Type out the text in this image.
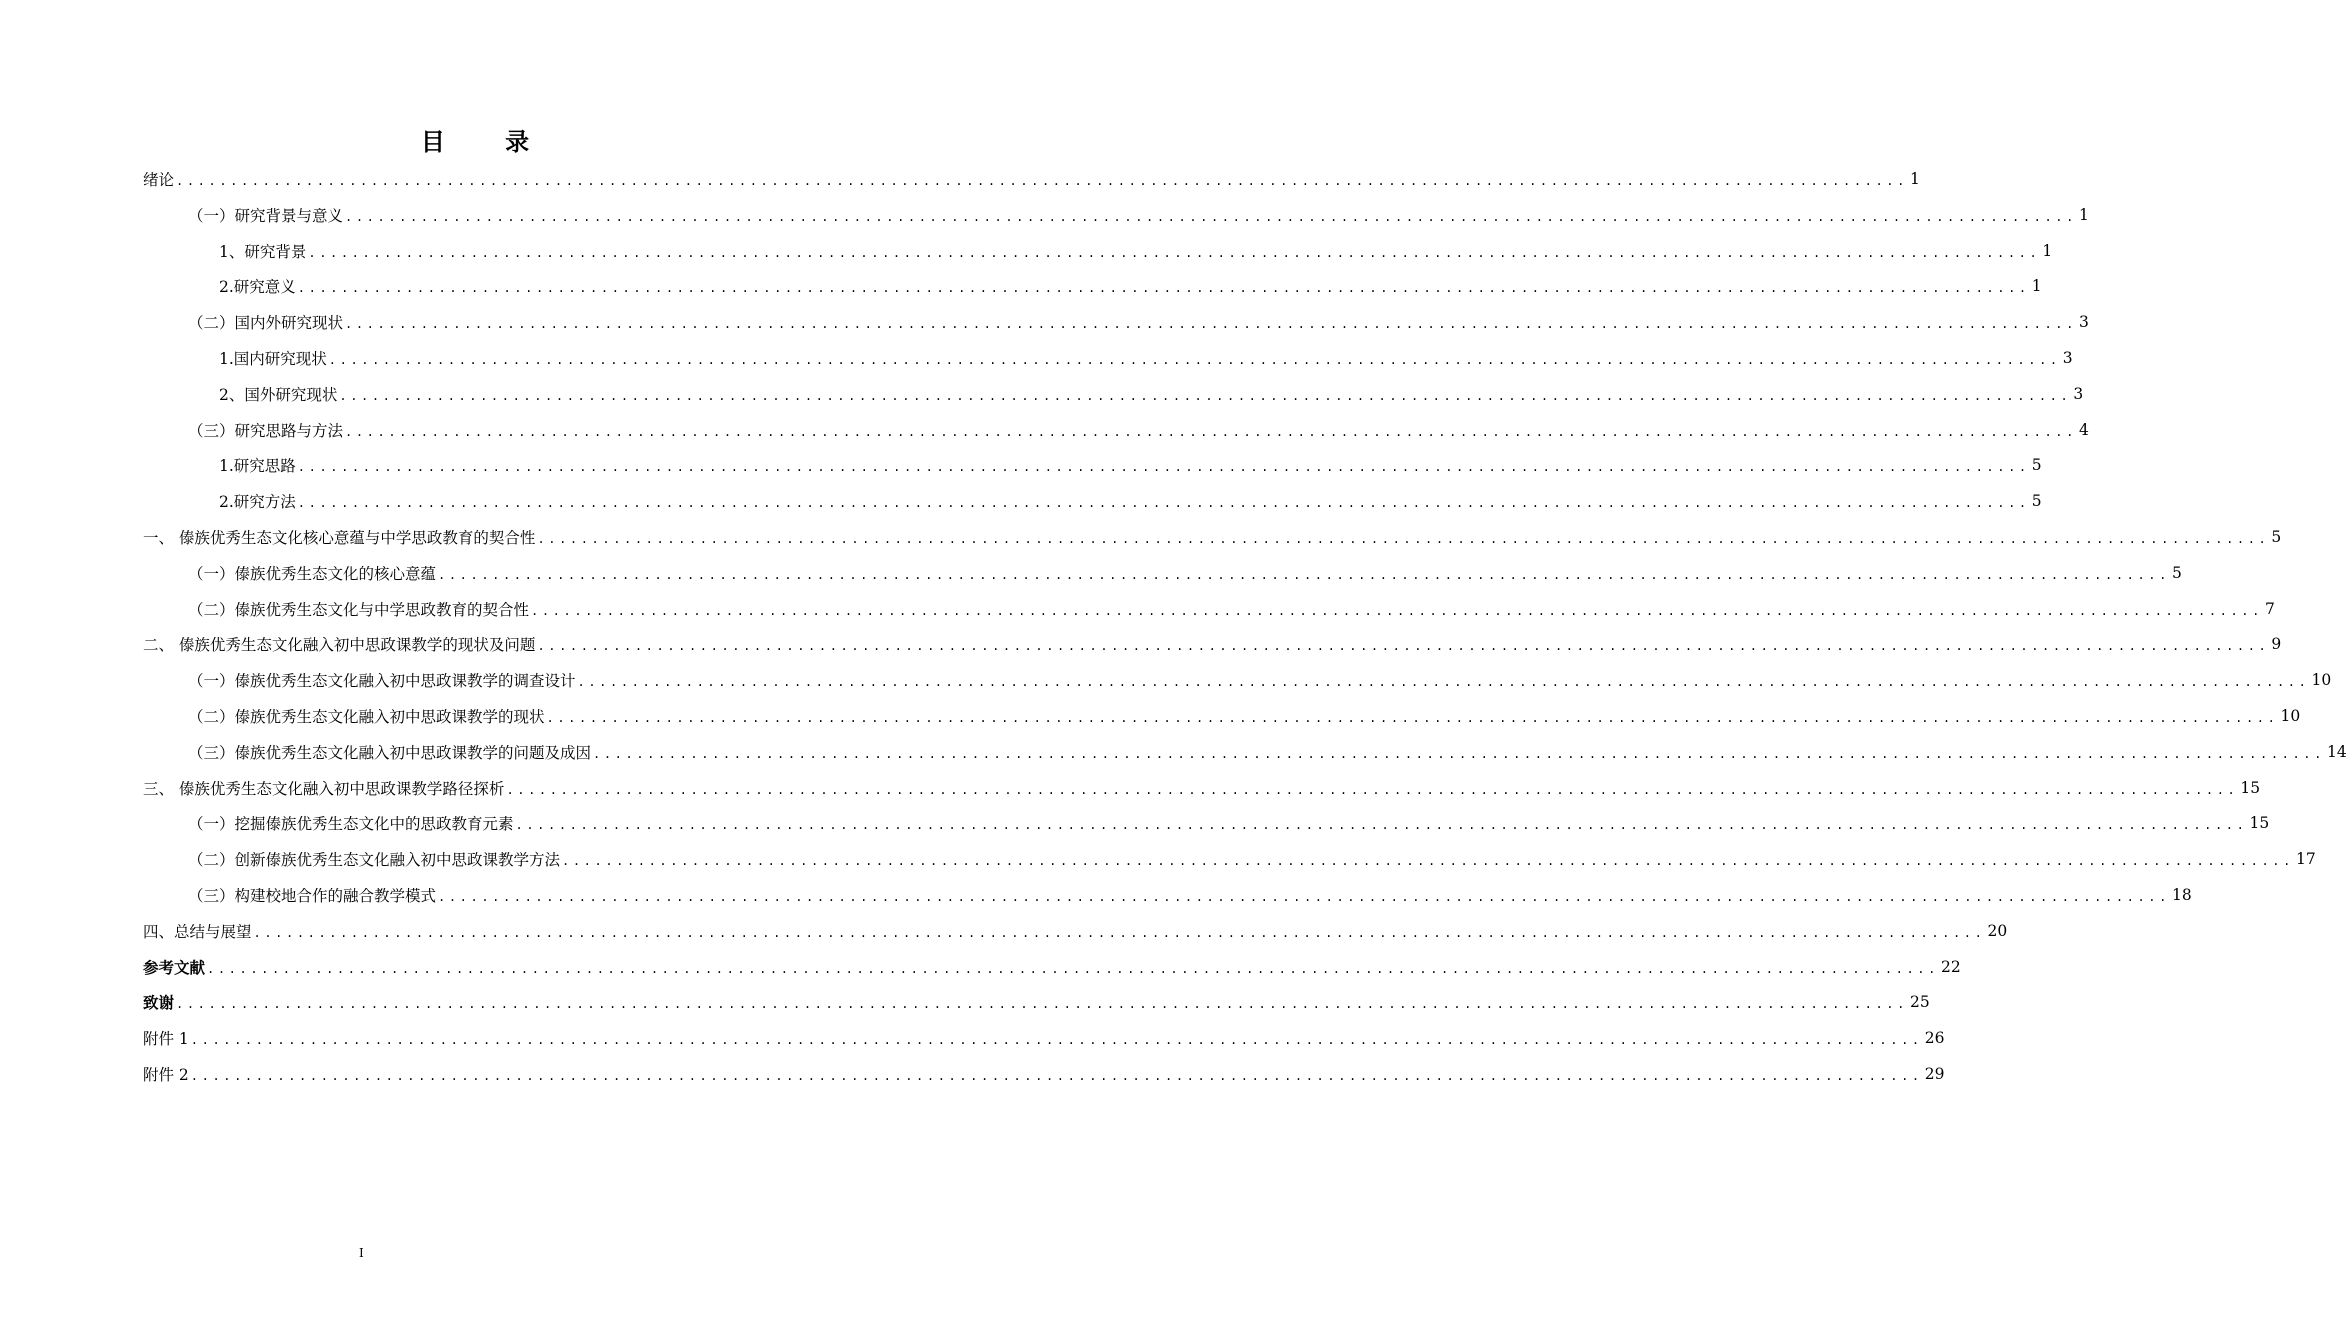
目 录
绪论 ................................................................................................................................................................ 1
（一）研究背景与意义 ................................................................................................................................................................ 1
1、研究背景 ................................................................................................................................................................ 1
2.研究意义 ................................................................................................................................................................ 1
（二）国内外研究现状 ................................................................................................................................................................ 3
1.国内研究现状 ................................................................................................................................................................ 3
2、国外研究现状 ................................................................................................................................................................ 3
（三）研究思路与方法 ................................................................................................................................................................ 4
1.研究思路 ................................................................................................................................................................ 5
2.研究方法 ................................................................................................................................................................ 5
一、 傣族优秀生态文化核心意蕴与中学思政教育的契合性 ................................................................................................................................................................ 5
（一）傣族优秀生态文化的核心意蕴 ................................................................................................................................................................ 5
（二）傣族优秀生态文化与中学思政教育的契合性 ................................................................................................................................................................ 7
二、 傣族优秀生态文化融入初中思政课教学的现状及问题 ................................................................................................................................................................ 9
（一）傣族优秀生态文化融入初中思政课教学的调查设计 ................................................................................................................................................................ 10
（二）傣族优秀生态文化融入初中思政课教学的现状 ................................................................................................................................................................ 10
（三）傣族优秀生态文化融入初中思政课教学的问题及成因 ................................................................................................................................................................ 14
三、 傣族优秀生态文化融入初中思政课教学路径探析 ................................................................................................................................................................ 15
（一）挖掘傣族优秀生态文化中的思政教育元素 ................................................................................................................................................................ 15
（二）创新傣族优秀生态文化融入初中思政课教学方法 ................................................................................................................................................................ 17
（三）构建校地合作的融合教学模式 ................................................................................................................................................................ 18
四、总结与展望 ................................................................................................................................................................ 20
参考文献 ................................................................................................................................................................ 22
致谢 ................................................................................................................................................................ 25
附件 1 ................................................................................................................................................................ 26
附件 2 ................................................................................................................................................................ 29
I
